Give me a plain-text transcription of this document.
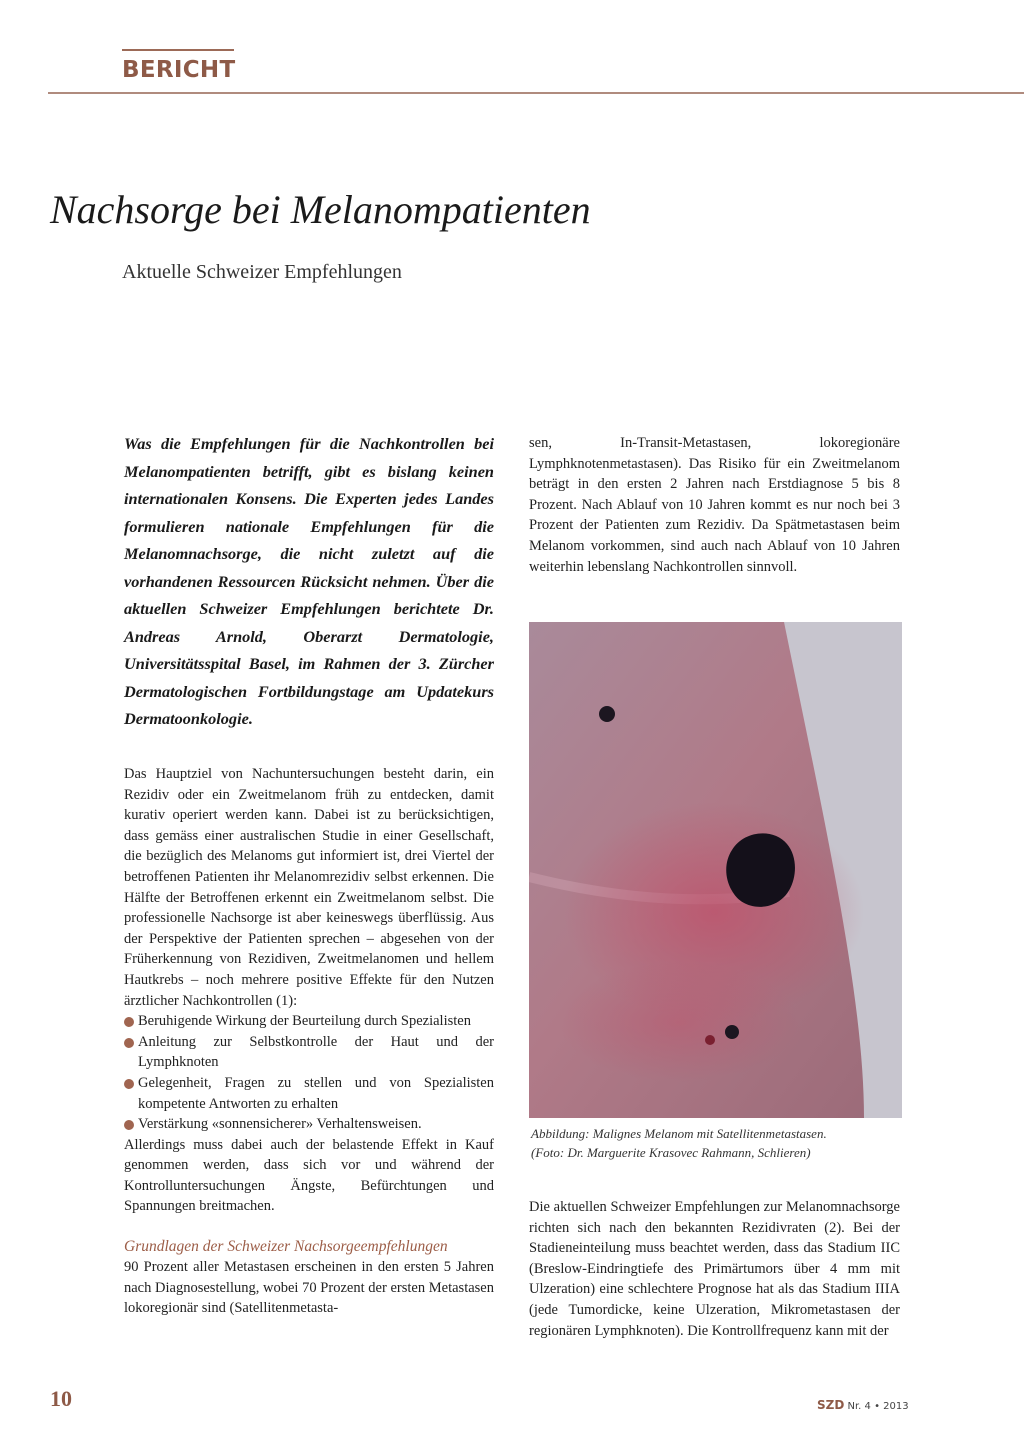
BERICHT
Nachsorge bei Melanompatienten
Aktuelle Schweizer Empfehlungen

Was die Empfehlungen für die Nachkontrollen bei Melanompatienten betrifft, gibt es bislang keinen internationalen Konsens. Die Experten jedes Landes formulieren nationale Empfehlungen für die Melanomnachsorge, die nicht zuletzt auf die vorhandenen Ressourcen Rücksicht nehmen. Über die aktuellen Schweizer Empfehlungen berichtete Dr. Andreas Arnold, Oberarzt Dermatologie, Universitätsspital Basel, im Rahmen der 3. Zürcher Dermatologischen Fortbildungstage am Updatekurs Dermatoonkologie.

Das Hauptziel von Nachuntersuchungen besteht darin, ein Rezidiv oder ein Zweitmelanom früh zu entdecken, damit kurativ operiert werden kann. Dabei ist zu berücksichtigen, dass gemäss einer australischen Studie in einer Gesellschaft, die bezüglich des Melanoms gut informiert ist, drei Viertel der betroffenen Patienten ihr Melanomrezidiv selbst erkennen. Die Hälfte der Betroffenen erkennt ein Zweitmelanom selbst. Die professionelle Nachsorge ist aber keineswegs überflüssig. Aus der Perspektive der Patienten sprechen – abgesehen von der Früherkennung von Rezidiven, Zweitmelanomen und hellem Hautkrebs – noch mehrere positive Effekte für den Nutzen ärztlicher Nachkontrollen (1):

Beruhigende Wirkung der Beurteilung durch Spezialisten
Anleitung zur Selbstkontrolle der Haut und der Lymphknoten
Gelegenheit, Fragen zu stellen und von Spezialisten kompetente Antworten zu erhalten
Verstärkung «sonnensicherer» Verhaltensweisen.

Allerdings muss dabei auch der belastende Effekt in Kauf genommen werden, dass sich vor und während der Kontrolluntersuchungen Ängste, Befürchtungen und Spannungen breitmachen.

Grundlagen der Schweizer Nachsorgeempfehlungen

90 Prozent aller Metastasen erscheinen in den ersten 5 Jahren nach Diagnosestellung, wobei 70 Prozent der ersten Metastasen lokoregionär sind (Satellitenmetasta-

sen, In-Transit-Metastasen, lokoregionäre Lymphknotenmetastasen). Das Risiko für ein Zweitmelanom beträgt in den ersten 2 Jahren nach Erstdiagnose 5 bis 8 Prozent. Nach Ablauf von 10 Jahren kommt es nur noch bei 3 Prozent der Patienten zum Rezidiv. Da Spätmetastasen beim Melanom vorkommen, sind auch nach Ablauf von 10 Jahren weiterhin lebenslang Nachkontrollen sinnvoll.

Abbildung: Malignes Melanom mit Satellitenmetastasen.
(Foto: Dr. Marguerite Krasovec Rahmann, Schlieren)

Die aktuellen Schweizer Empfehlungen zur Melanomnachsorge richten sich nach den bekannten Rezidivraten (2). Bei der Stadieneinteilung muss beachtet werden, dass das Stadium IIC (Breslow-Eindringtiefe des Primärtumors über 4 mm mit Ulzeration) eine schlechtere Prognose hat als das Stadium IIIA (jede Tumordicke, keine Ulzeration, Mikrometastasen der regionären Lymphknoten). Die Kontrollfrequenz kann mit der

10	SZD Nr. 4 • 2013
